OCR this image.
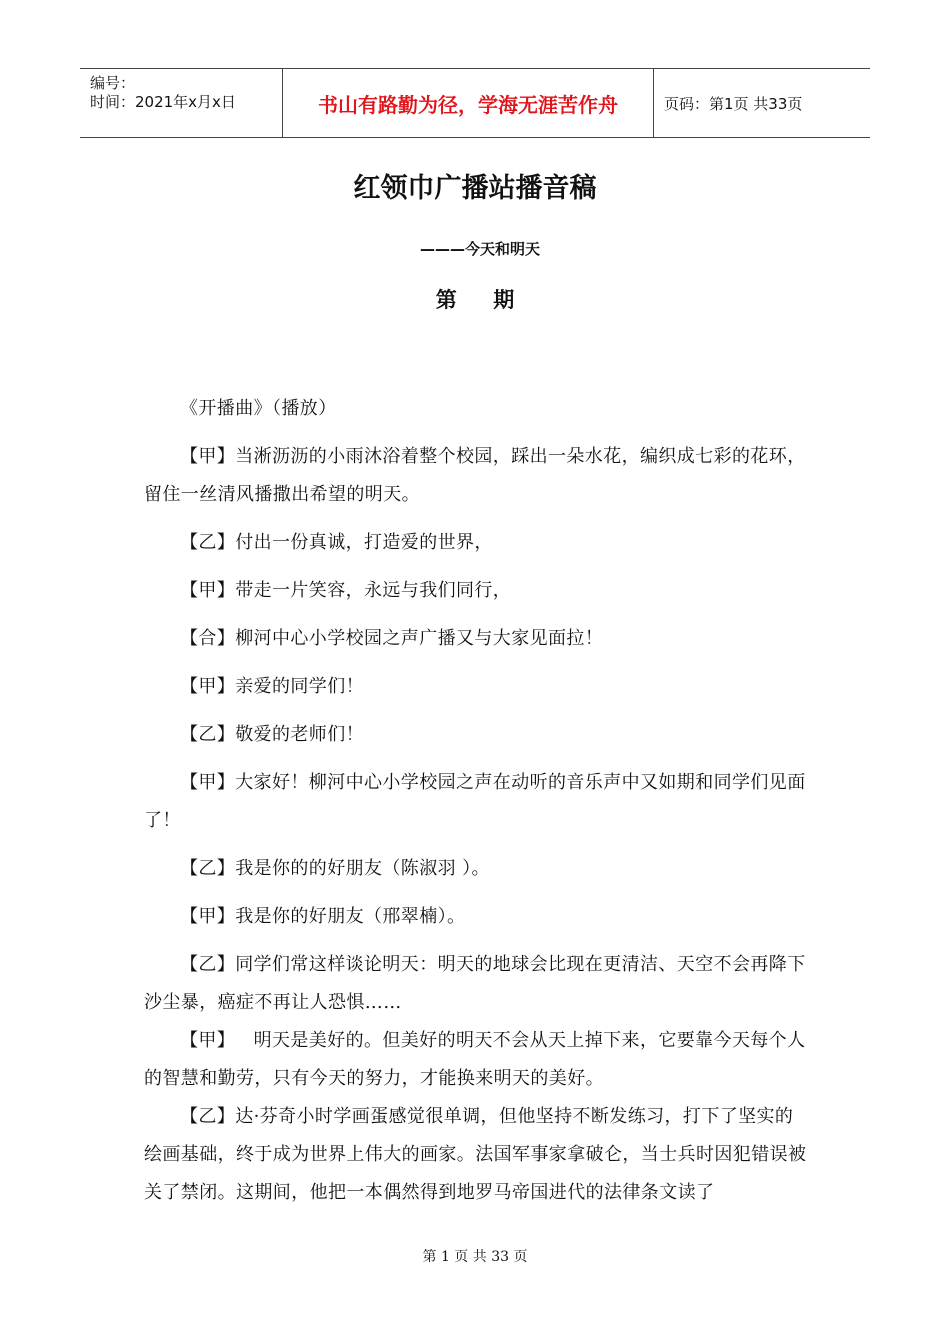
编号：
时间：2021年x月x日	书山有路勤为径，学海无涯苦作舟	页码：第1页 共33页
红领巾广播站播音稿
———今天和明天
第     期

《开播曲》（播放）

【甲】当淅沥沥的小雨沐浴着整个校园，踩出一朵水花，编织成七彩的花环，留住一丝清风播撒出希望的明天。

【乙】付出一份真诚，打造爱的世界，

【甲】带走一片笑容，永远与我们同行，

【合】柳河中心小学校园之声广播又与大家见面拉！

【甲】亲爱的同学们！

【乙】敬爱的老师们！

【甲】大家好！柳河中心小学校园之声在动听的音乐声中又如期和同学们见面了！

【乙】我是你的的好朋友（陈淑羽 ）。

【甲】我是你的好朋友（邢翠楠）。

【乙】同学们常这样谈论明天：明天的地球会比现在更清洁、天空不会再降下沙尘暴，癌症不再让人恐惧……

【甲】   明天是美好的。但美好的明天不会从天上掉下来，它要靠今天每个人的智慧和勤劳，只有今天的努力，才能换来明天的美好。

【乙】达·芬奇小时学画蛋感觉很单调，但他坚持不断发练习，打下了坚实的绘画基础，终于成为世界上伟大的画家。法国军事家拿破仑，当士兵时因犯错误被关了禁闭。这期间，他把一本偶然得到地罗马帝国进代的法律条文读了

第 1 页 共 33 页
